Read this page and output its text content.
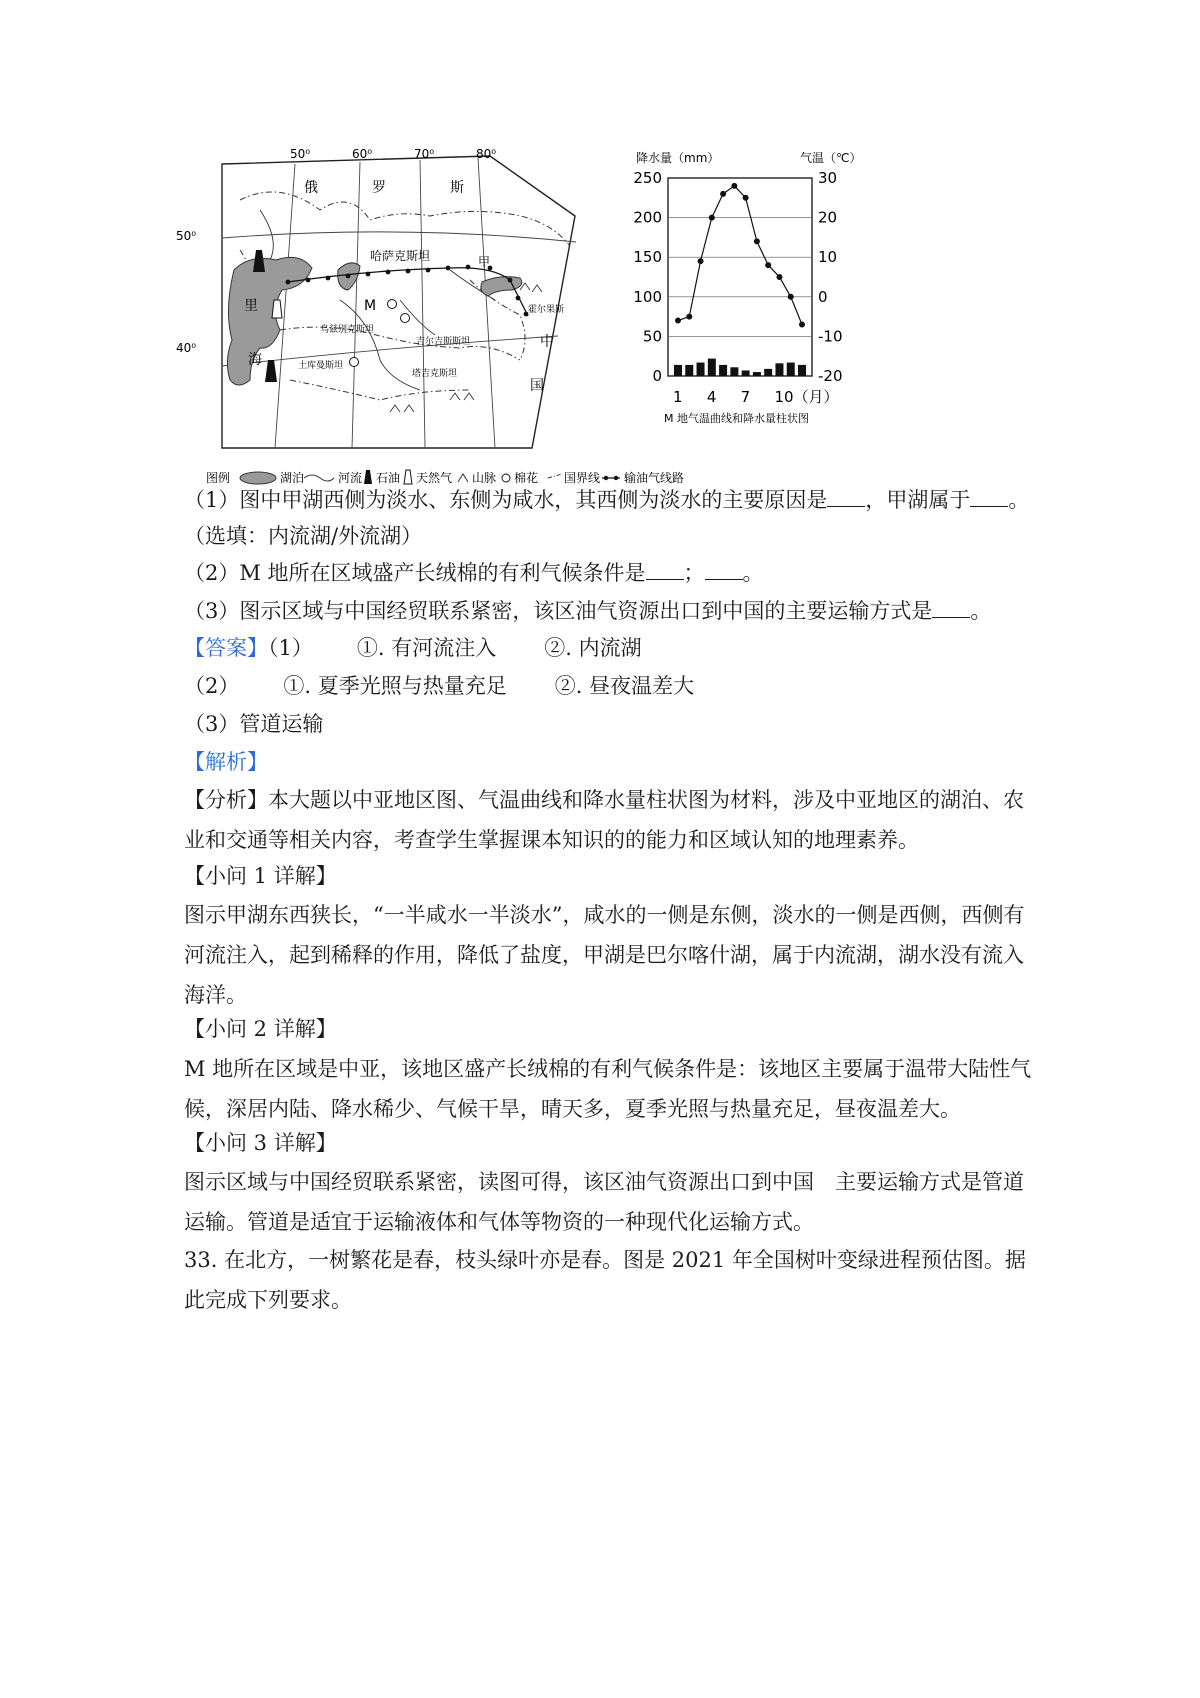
50⁰	60⁰	70⁰	80⁰
50⁰
40⁰
俄	罗	斯
哈萨克斯坦
里
海
甲
M
乌兹别克斯坦
吉尔吉斯斯坦
霍尔果斯
土库曼斯坦
塔吉克斯坦
中
国
图例	湖泊	河流 石油 天然气 山脉 棉花 国界线 输油气线路
降水量（mm）	气温（℃）
250
200
150
100
50
0
30
20
10
0
-10
-20
1 4 7 10（月）
M 地气温曲线和降水量柱状图
（1）图中甲湖西侧为淡水、东侧为咸水，其西侧为淡水的主要原因是 ，甲湖属于 。
（选填：内流湖/外流湖）
（2）M 地所在区域盛产长绒棉的有利气候条件是 ； 。
（3）图示区域与中国经贸联系紧密，该区油气资源出口到中国的主要运输方式是 。
【答案】（1） ①. 有河流注入 ②. 内流湖
（2） ①. 夏季光照与热量充足 ②. 昼夜温差大
（3）管道运输
【解析】
【分析】本大题以中亚地区图、气温曲线和降水量柱状图为材料，涉及中亚地区的湖泊、农业和交通等相关内容，考查学生掌握课本知识的的能力和区域认知的地理素养。
【小问 1 详解】
图示甲湖东西狭长，“一半咸水一半淡水”，咸水的一侧是东侧，淡水的一侧是西侧，西侧有河流注入，起到稀释的作用，降低了盐度，甲湖是巴尔喀什湖，属于内流湖，湖水没有流入海洋。
【小问 2 详解】
M 地所在区域是中亚，该地区盛产长绒棉的有利气候条件是：该地区主要属于温带大陆性气候，深居内陆、降水稀少、气候干旱，晴天多，夏季光照与热量充足，昼夜温差大。
【小问 3 详解】
图示区域与中国经贸联系紧密，读图可得，该区油气资源出口到中国　主要运输方式是管道运输。管道是适宜于运输液体和气体等物资的一种现代化运输方式。
33. 在北方，一树繁花是春，枝头绿叶亦是春。图是 2021 年全国树叶变绿进程预估图。据此完成下列要求。
